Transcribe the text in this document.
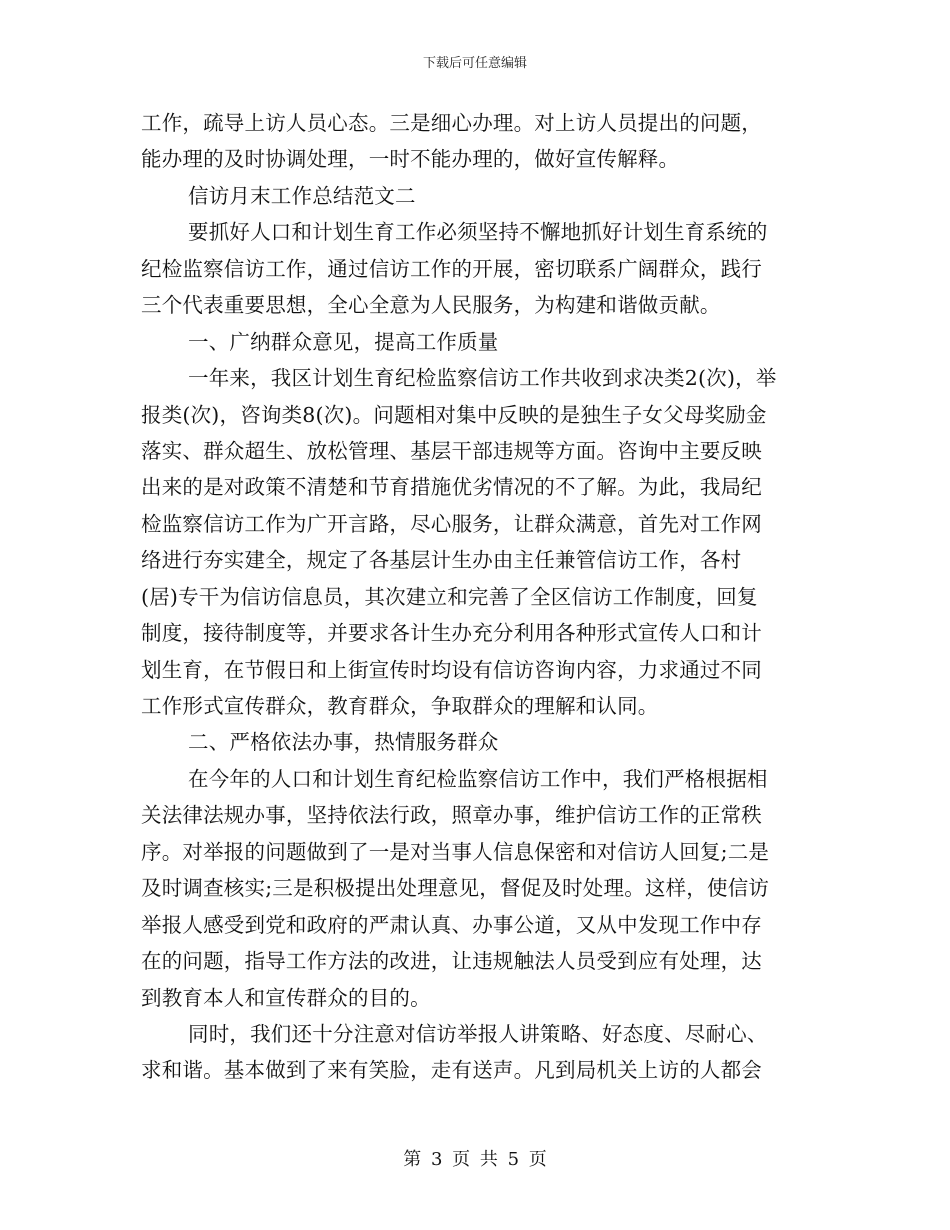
下载后可任意编辑
工作，疏导上访人员心态。三是细心办理。对上访人员提出的问题，
能办理的及时协调处理，一时不能办理的，做好宣传解释。
信访月末工作总结范文二
要抓好人口和计划生育工作必须坚持不懈地抓好计划生育系统的
纪检监察信访工作，通过信访工作的开展，密切联系广阔群众，践行
三个代表重要思想，全心全意为人民服务，为构建和谐做贡献。
一、广纳群众意见，提高工作质量
一年来，我区计划生育纪检监察信访工作共收到求决类2(次)，举
报类(次)，咨询类8(次)。问题相对集中反映的是独生子女父母奖励金
落实、群众超生、放松管理、基层干部违规等方面。咨询中主要反映
出来的是对政策不清楚和节育措施优劣情况的不了解。为此，我局纪
检监察信访工作为广开言路，尽心服务，让群众满意，首先对工作网
络进行夯实建全，规定了各基层计生办由主任兼管信访工作，各村
(居)专干为信访信息员，其次建立和完善了全区信访工作制度，回复
制度，接待制度等，并要求各计生办充分利用各种形式宣传人口和计
划生育，在节假日和上街宣传时均设有信访咨询内容，力求通过不同
工作形式宣传群众，教育群众，争取群众的理解和认同。
二、严格依法办事，热情服务群众
在今年的人口和计划生育纪检监察信访工作中，我们严格根据相
关法律法规办事，坚持依法行政，照章办事，维护信访工作的正常秩
序。对举报的问题做到了一是对当事人信息保密和对信访人回复;二是
及时调查核实;三是积极提出处理意见，督促及时处理。这样，使信访
举报人感受到党和政府的严肃认真、办事公道，又从中发现工作中存
在的问题，指导工作方法的改进，让违规触法人员受到应有处理，达
到教育本人和宣传群众的目的。
同时，我们还十分注意对信访举报人讲策略、好态度、尽耐心、
求和谐。基本做到了来有笑脸，走有送声。凡到局机关上访的人都会
第 3 页 共 5 页
